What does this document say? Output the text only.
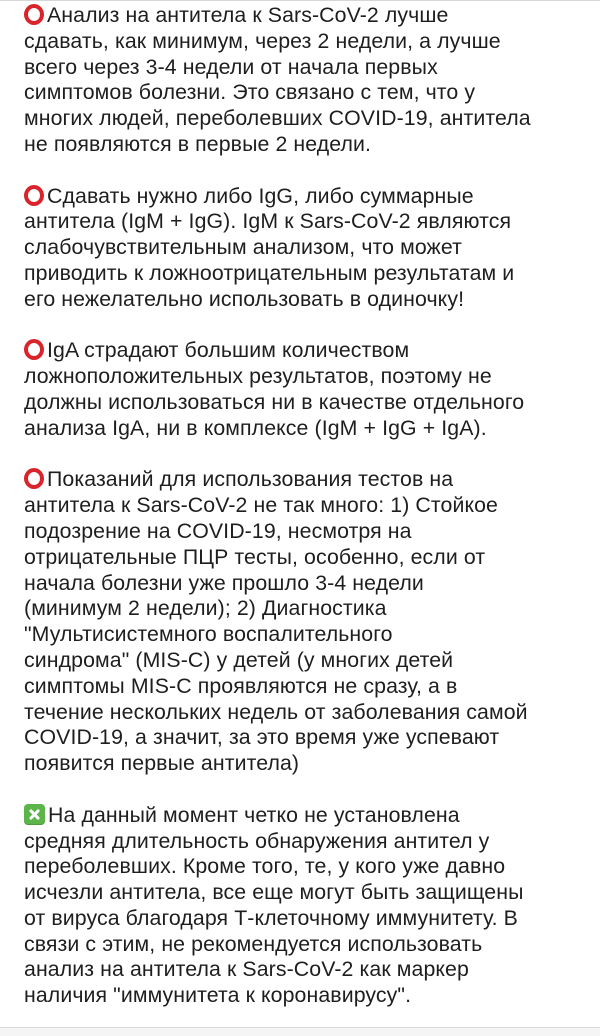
Анализ на антитела к Sars-CoV-2 лучше
сдавать, как минимум, через 2 недели, а лучше
всего через 3-4 недели от начала первых
симптомов болезни. Это связано с тем, что у
многих людей, переболевших COVID-19, антитела
не появляются в первые 2 недели.

Сдавать нужно либо IgG, либо суммарные
антитела (IgM + IgG). IgM к Sars-CoV-2 являются
слабочувствительным анализом, что может
приводить к ложноотрицательным результатам и
его нежелательно использовать в одиночку!

IgA страдают большим количеством
ложноположительных результатов, поэтому не
должны использоваться ни в качестве отдельного
анализа IgA, ни в комплексе (IgM + IgG + IgA).

Показаний для использования тестов на
антитела к Sars-CoV-2 не так много: 1) Стойкое
подозрение на COVID-19, несмотря на
отрицательные ПЦР тесты, особенно, если от
начала болезни уже прошло 3-4 недели
(минимум 2 недели); 2) Диагностика
"Мультисистемного воспалительного
синдрома" (MIS-C) у детей (у многих детей
симптомы MIS-C проявляются не сразу, а в
течение нескольких недель от заболевания самой
COVID-19, а значит, за это время уже успевают
появится первые антитела)

На данный момент четко не установлена
средняя длительность обнаружения антител у
переболевших. Кроме того, те, у кого уже давно
исчезли антитела, все еще могут быть защищены
от вируса благодаря Т-клеточному иммунитету. В
связи с этим, не рекомендуется использовать
анализ на антитела к Sars-CoV-2 как маркер
наличия "иммунитета к коронавирусу".
